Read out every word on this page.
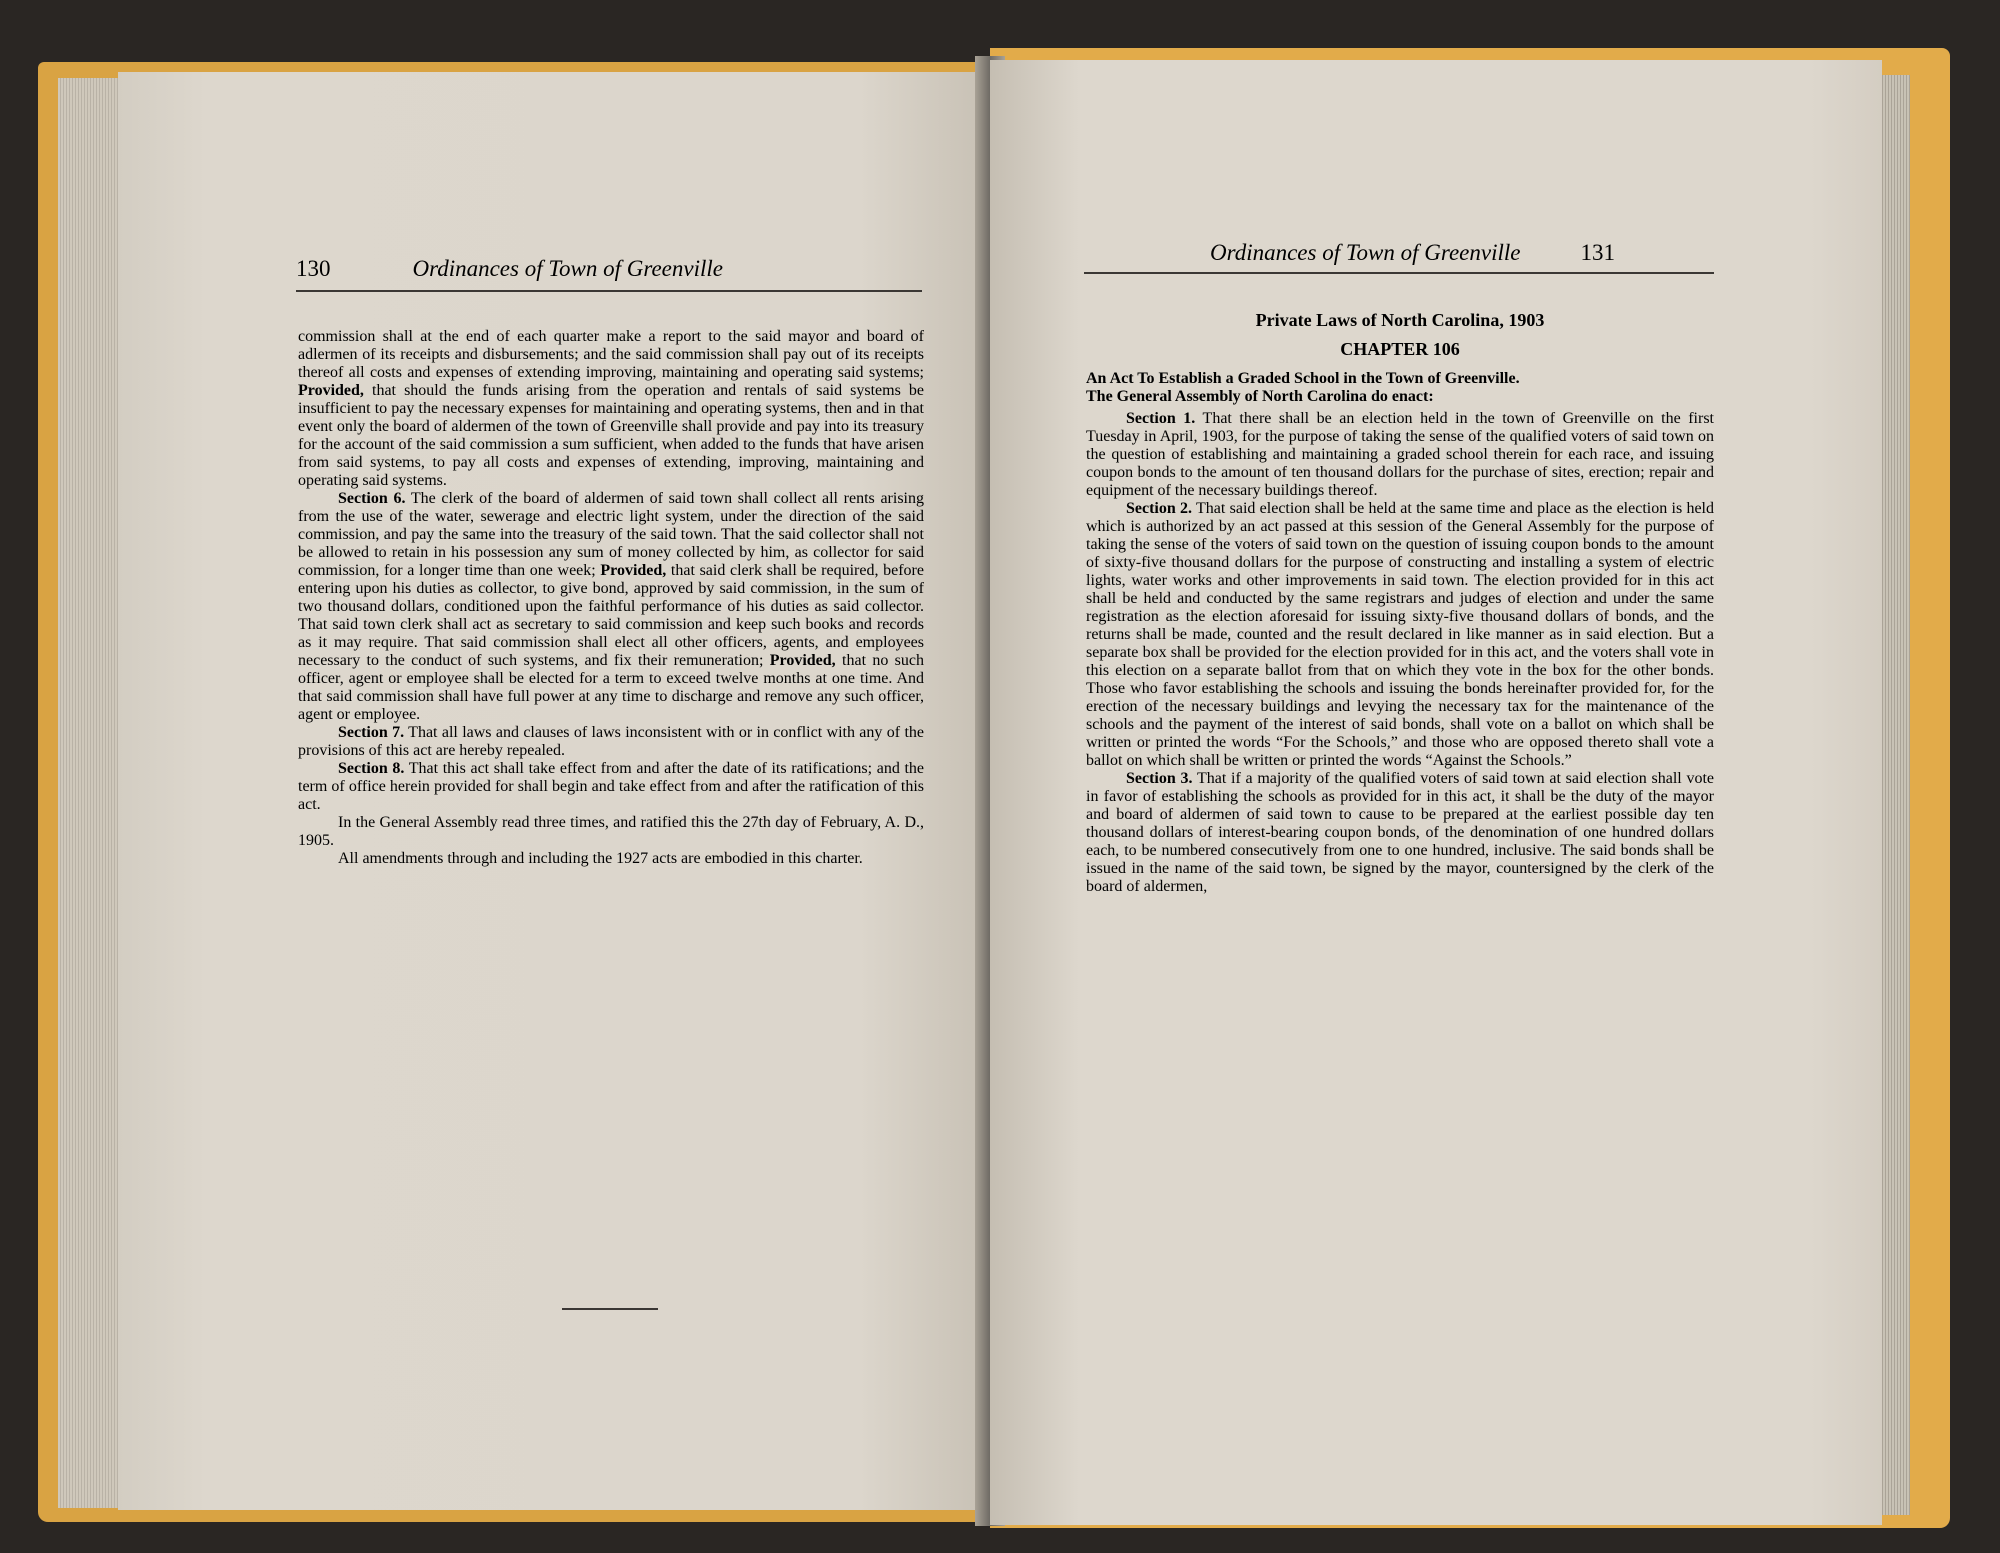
130	Ordinances of Town of Greenville

commission shall at the end of each quarter make a report to the said mayor and board of adlermen of its receipts and disbursements; and the said commission shall pay out of its receipts thereof all costs and expenses of extending improving, maintaining and operating said systems; Provided, that should the funds arising from the operation and rentals of said systems be insufficient to pay the necessary expenses for maintaining and operating systems, then and in that event only the board of aldermen of the town of Greenville shall provide and pay into its treasury for the account of the said commission a sum sufficient, when added to the funds that have arisen from said systems, to pay all costs and expenses of extending, improving, maintaining and operating said systems.

Section 6. The clerk of the board of aldermen of said town shall collect all rents arising from the use of the water, sewerage and electric light system, under the direction of the said commission, and pay the same into the treasury of the said town. That the said collector shall not be allowed to retain in his possession any sum of money collected by him, as collector for said commission, for a longer time than one week; Provided, that said clerk shall be required, before entering upon his duties as collector, to give bond, approved by said commission, in the sum of two thousand dollars, conditioned upon the faithful performance of his duties as said collector. That said town clerk shall act as secretary to said commission and keep such books and records as it may require. That said commission shall elect all other officers, agents, and employees necessary to the conduct of such systems, and fix their remuneration; Provided, that no such officer, agent or employee shall be elected for a term to exceed twelve months at one time. And that said commission shall have full power at any time to discharge and remove any such officer, agent or employee.

Section 7. That all laws and clauses of laws inconsistent with or in conflict with any of the provisions of this act are hereby repealed.

Section 8. That this act shall take effect from and after the date of its ratifications; and the term of office herein provided for shall begin and take effect from and after the ratification of this act.

In the General Assembly read three times, and ratified this the 27th day of February, A. D., 1905.

All amendments through and including the 1927 acts are embodied in this charter.

Ordinances of Town of Greenville	131

Private Laws of North Carolina, 1903

CHAPTER 106

An Act To Establish a Graded School in the Town of Greenville.

The General Assembly of North Carolina do enact:

Section 1. That there shall be an election held in the town of Greenville on the first Tuesday in April, 1903, for the purpose of taking the sense of the qualified voters of said town on the question of establishing and maintaining a graded school therein for each race, and issuing coupon bonds to the amount of ten thousand dollars for the purchase of sites, erection; repair and equipment of the necessary buildings thereof.

Section 2. That said election shall be held at the same time and place as the election is held which is authorized by an act passed at this session of the General Assembly for the purpose of taking the sense of the voters of said town on the question of issuing coupon bonds to the amount of sixty-five thousand dollars for the purpose of constructing and installing a system of electric lights, water works and other improvements in said town. The election provided for in this act shall be held and conducted by the same registrars and judges of election and under the same registration as the election aforesaid for issuing sixty-five thousand dollars of bonds, and the returns shall be made, counted and the result declared in like manner as in said election. But a separate box shall be provided for the election provided for in this act, and the voters shall vote in this election on a separate ballot from that on which they vote in the box for the other bonds. Those who favor establishing the schools and issuing the bonds hereinafter provided for, for the erection of the necessary buildings and levying the necessary tax for the maintenance of the schools and the payment of the interest of said bonds, shall vote on a ballot on which shall be written or printed the words “For the Schools,” and those who are opposed thereto shall vote a ballot on which shall be written or printed the words “Against the Schools.”

Section 3. That if a majority of the qualified voters of said town at said election shall vote in favor of establishing the schools as provided for in this act, it shall be the duty of the mayor and board of aldermen of said town to cause to be prepared at the earliest possible day ten thousand dollars of interest-bearing coupon bonds, of the denomination of one hundred dollars each, to be numbered consecutively from one to one hundred, inclusive. The said bonds shall be issued in the name of the said town, be signed by the mayor, countersigned by the clerk of the board of aldermen,
